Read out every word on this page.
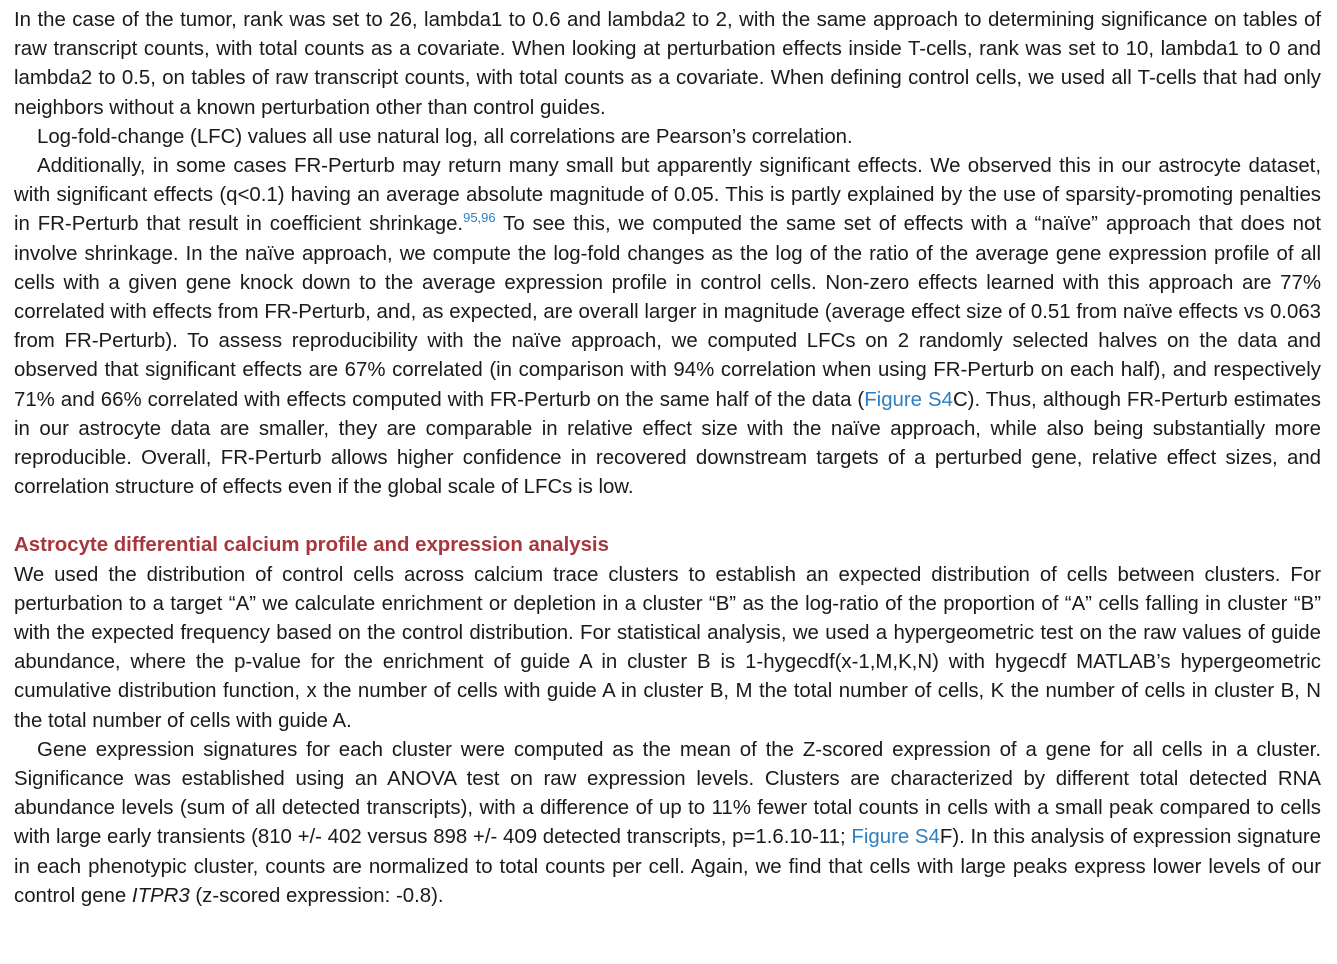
In the case of the tumor, rank was set to 26, lambda1 to 0.6 and lambda2 to 2, with the same approach to determining significance on tables of raw transcript counts, with total counts as a covariate. When looking at perturbation effects inside T-cells, rank was set to 10, lambda1 to 0 and lambda2 to 0.5, on tables of raw transcript counts, with total counts as a covariate. When defining control cells, we used all T-cells that had only neighbors without a known perturbation other than control guides.

Log-fold-change (LFC) values all use natural log, all correlations are Pearson’s correlation.

Additionally, in some cases FR-Perturb may return many small but apparently significant effects. We observed this in our astrocyte dataset, with significant effects (q<0.1) having an average absolute magnitude of 0.05. This is partly explained by the use of sparsity-promoting penalties in FR-Perturb that result in coefficient shrinkage.$^{95,96}$ To see this, we computed the same set of effects with a “naïve” approach that does not involve shrinkage. In the naïve approach, we compute the log-fold changes as the log of the ratio of the average gene expression profile of all cells with a given gene knock down to the average expression profile in control cells. Non-zero effects learned with this approach are 77% correlated with effects from FR-Perturb, and, as expected, are overall larger in magnitude (average effect size of 0.51 from naïve effects vs 0.063 from FR-Perturb). To assess reproducibility with the naïve approach, we computed LFCs on 2 randomly selected halves on the data and observed that significant effects are 67% correlated (in comparison with 94% correlation when using FR-Perturb on each half), and respectively 71% and 66% correlated with effects computed with FR-Perturb on the same half of the data (Figure S4C). Thus, although FR-Perturb estimates in our astrocyte data are smaller, they are comparable in relative effect size with the naïve approach, while also being substantially more reproducible. Overall, FR-Perturb allows higher confidence in recovered downstream targets of a perturbed gene, relative effect sizes, and correlation structure of effects even if the global scale of LFCs is low.

Astrocyte differential calcium profile and expression analysis

We used the distribution of control cells across calcium trace clusters to establish an expected distribution of cells between clusters. For perturbation to a target “A” we calculate enrichment or depletion in a cluster “B” as the log-ratio of the proportion of “A” cells falling in cluster “B” with the expected frequency based on the control distribution. For statistical analysis, we used a hypergeometric test on the raw values of guide abundance, where the p-value for the enrichment of guide A in cluster B is 1-hygecdf(x-1,M,K,N) with hygecdf MATLAB’s hypergeometric cumulative distribution function, x the number of cells with guide A in cluster B, M the total number of cells, K the number of cells in cluster B, N the total number of cells with guide A.

Gene expression signatures for each cluster were computed as the mean of the Z-scored expression of a gene for all cells in a cluster. Significance was established using an ANOVA test on raw expression levels. Clusters are characterized by different total detected RNA abundance levels (sum of all detected transcripts), with a difference of up to 11% fewer total counts in cells with a small peak compared to cells with large early transients (810 +/- 402 versus 898 +/- 409 detected transcripts, p=1.6.10-11; Figure S4F). In this analysis of expression signature in each phenotypic cluster, counts are normalized to total counts per cell. Again, we find that cells with large peaks express lower levels of our control gene ITPR3 (z-scored expression: -0.8).
